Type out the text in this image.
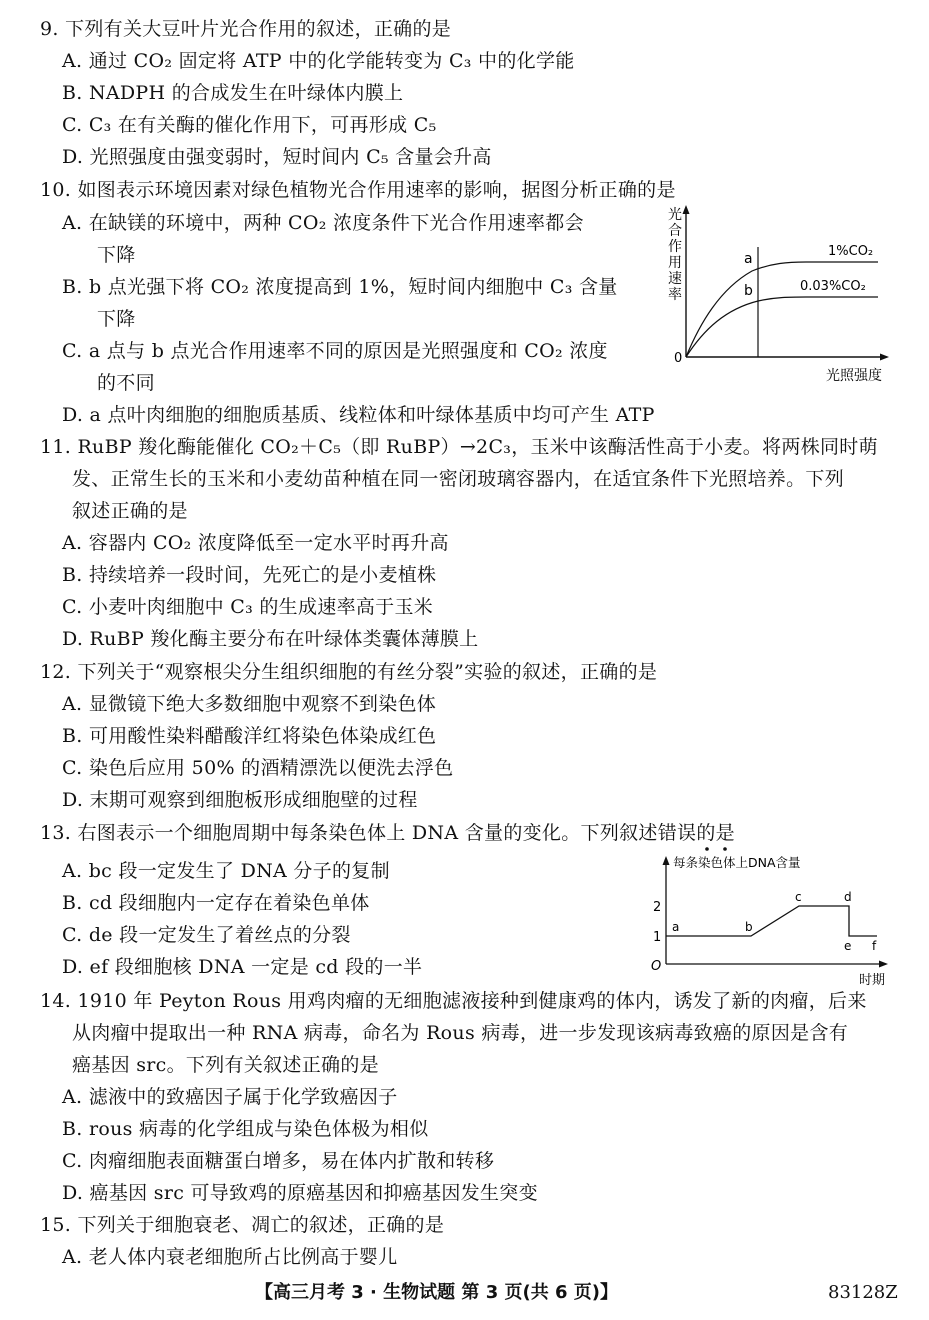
9. 下列有关大豆叶片光合作用的叙述，正确的是
A. 通过 CO₂ 固定将 ATP 中的化学能转变为 C₃ 中的化学能
B. NADPH 的合成发生在叶绿体内膜上
C. C₃ 在有关酶的催化作用下，可再形成 C₅
D. 光照强度由强变弱时，短时间内 C₅ 含量会升高
10. 如图表示环境因素对绿色植物光合作用速率的影响，据图分析正确的是
A. 在缺镁的环境中，两种 CO₂ 浓度条件下光合作用速率都会
下降
B. b 点光强下将 CO₂ 浓度提高到 1%，短时间内细胞中 C₃ 含量
下降
C. a 点与 b 点光合作用速率不同的原因是光照强度和 CO₂ 浓度
的不同
D. a 点叶肉细胞的细胞质基质、线粒体和叶绿体基质中均可产生 ATP
光
合
作
用
速
率
0
光照强度
a
b
1%CO₂
0.03%CO₂
11. RuBP 羧化酶能催化 CO₂＋C₅（即 RuBP）→2C₃，玉米中该酶活性高于小麦。将两株同时萌
发、正常生长的玉米和小麦幼苗种植在同一密闭玻璃容器内，在适宜条件下光照培养。下列
叙述正确的是
A. 容器内 CO₂ 浓度降低至一定水平时再升高
B. 持续培养一段时间，先死亡的是小麦植株
C. 小麦叶肉细胞中 C₃ 的生成速率高于玉米
D. RuBP 羧化酶主要分布在叶绿体类囊体薄膜上
12. 下列关于“观察根尖分生组织细胞的有丝分裂”实验的叙述，正确的是
A. 显微镜下绝大多数细胞中观察不到染色体
B. 可用酸性染料醋酸洋红将染色体染成红色
C. 染色后应用 50% 的酒精漂洗以便洗去浮色
D. 末期可观察到细胞板形成细胞壁的过程
13. 右图表示一个细胞周期中每条染色体上 DNA 含量的变化。下列叙述错误的是
A. bc 段一定发生了 DNA 分子的复制
B. cd 段细胞内一定存在着染色单体
C. de 段一定发生了着丝点的分裂
D. ef 段细胞核 DNA 一定是 cd 段的一半
每条染色体上DNA含量
O
1
2
时期
a	b
c	d
e f
14. 1910 年 Peyton Rous 用鸡肉瘤的无细胞滤液接种到健康鸡的体内，诱发了新的肉瘤，后来
从肉瘤中提取出一种 RNA 病毒，命名为 Rous 病毒，进一步发现该病毒致癌的原因是含有
癌基因 src。下列有关叙述正确的是
A. 滤液中的致癌因子属于化学致癌因子
B. rous 病毒的化学组成与染色体极为相似
C. 肉瘤细胞表面糖蛋白增多，易在体内扩散和转移
D. 癌基因 src 可导致鸡的原癌基因和抑癌基因发生突变
15. 下列关于细胞衰老、凋亡的叙述，正确的是
A. 老人体内衰老细胞所占比例高于婴儿
【高三月考 3 · 生物试题 第 3 页(共 6 页)】	83128Z
